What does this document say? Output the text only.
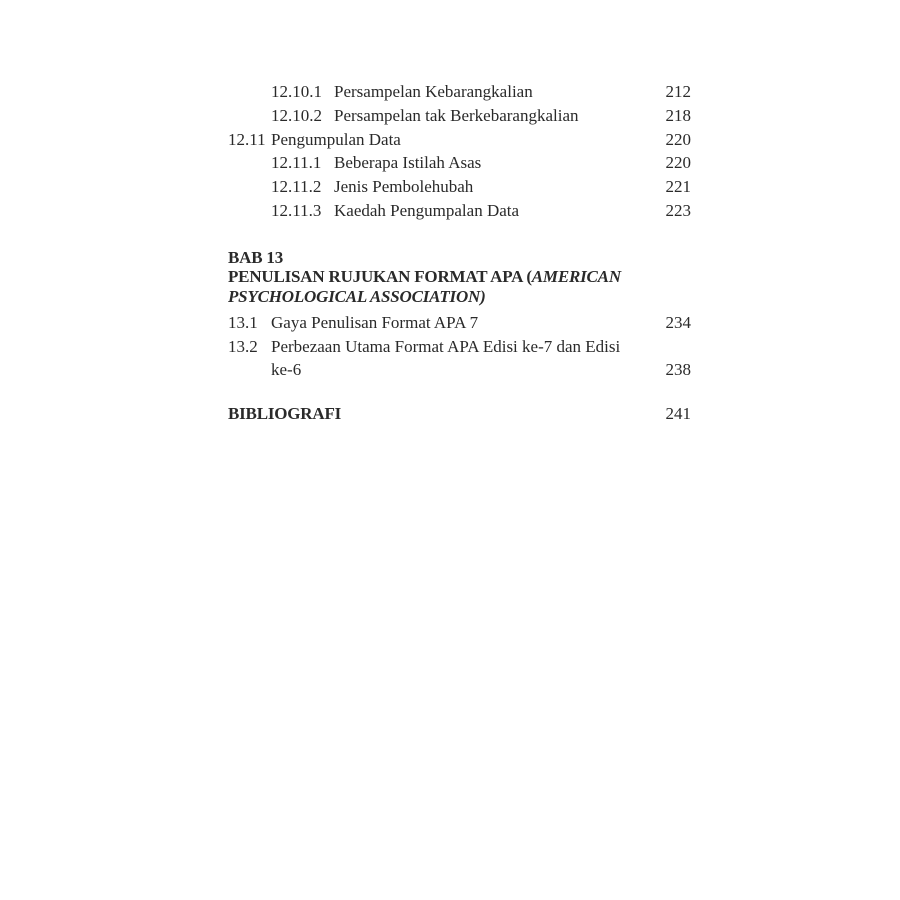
12.10.1 Persampelan Kebarangkalian	212
12.10.2 Persampelan tak Berkebarangkalian	218
12.11 Pengumpulan Data	220
12.11.1 Beberapa Istilah Asas	220
12.11.2 Jenis Pembolehubah	221
12.11.3 Kaedah Pengumpalan Data	223
BAB 13
PENULISAN RUJUKAN FORMAT APA (AMERICAN
PSYCHOLOGICAL ASSOCIATION)
13.1 Gaya Penulisan Format APA 7	234
13.2 Perbezaan Utama Format APA Edisi ke-7 dan Edisi
ke-6	238
BIBLIOGRAFI	241
